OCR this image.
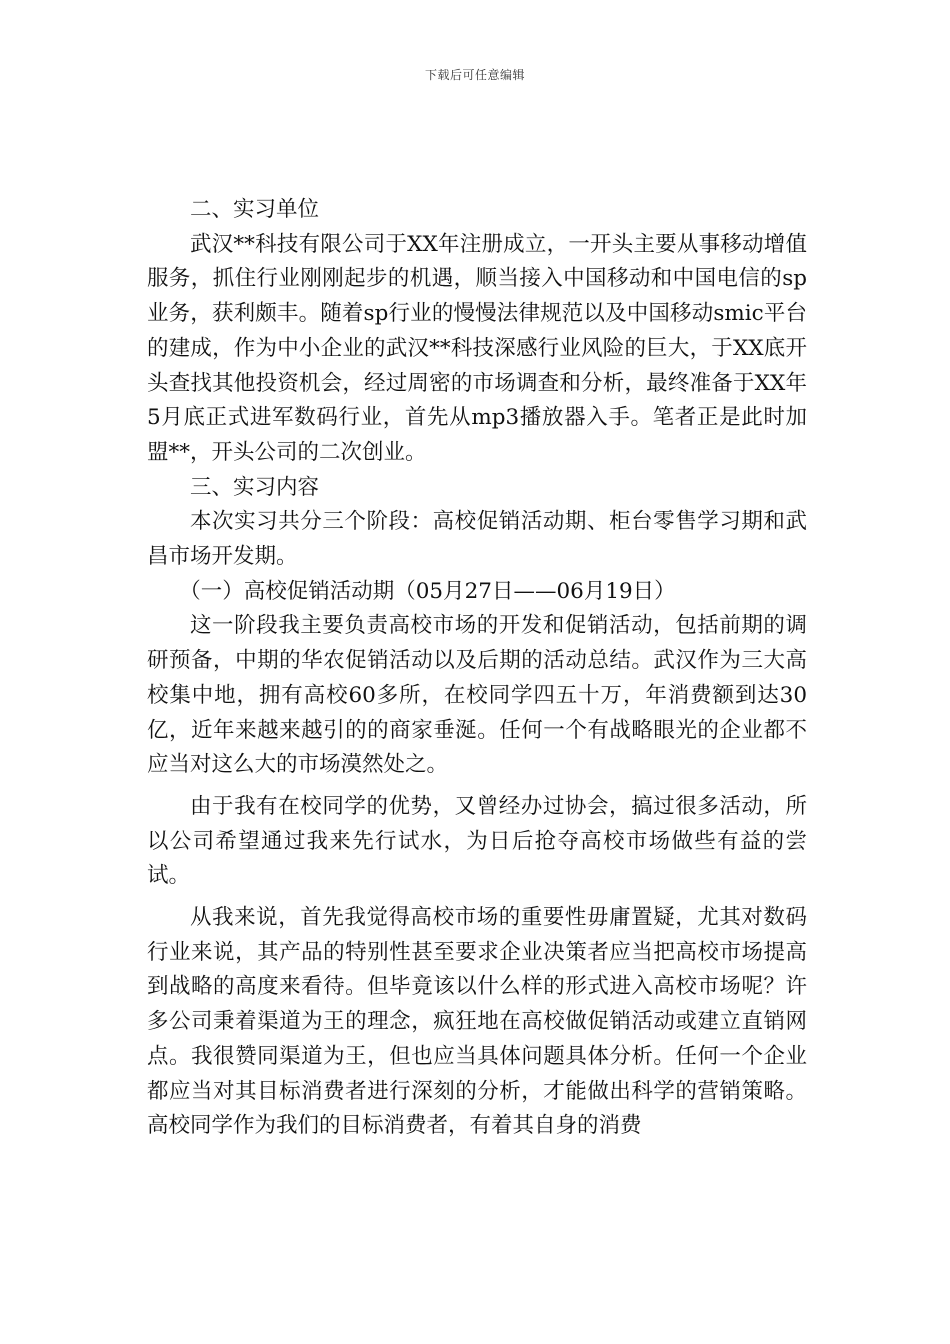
下载后可任意编辑

二、实习单位

武汉**科技有限公司于XX年注册成立，一开头主要从事移动增值服务，抓住行业刚刚起步的机遇，顺当接入中国移动和中国电信的sp业务，获利颇丰。随着sp行业的慢慢法律规范以及中国移动smic平台的建成，作为中小企业的武汉**科技深感行业风险的巨大，于XX底开头查找其他投资机会，经过周密的市场调查和分析，最终准备于XX年5月底正式进军数码行业，首先从mp3播放器入手。笔者正是此时加盟**，开头公司的二次创业。

三、实习内容

本次实习共分三个阶段：高校促销活动期、柜台零售学习期和武昌市场开发期。

（一）高校促销活动期（05月27日——06月19日）

这一阶段我主要负责高校市场的开发和促销活动，包括前期的调研预备，中期的华农促销活动以及后期的活动总结。武汉作为三大高校集中地，拥有高校60多所，在校同学四五十万，年消费额到达30亿，近年来越来越引的的商家垂涎。任何一个有战略眼光的企业都不应当对这么大的市场漠然处之。

由于我有在校同学的优势，又曾经办过协会，搞过很多活动，所以公司希望通过我来先行试水，为日后抢夺高校市场做些有益的尝试。

从我来说，首先我觉得高校市场的重要性毋庸置疑，尤其对数码行业来说，其产品的特别性甚至要求企业决策者应当把高校市场提高到战略的高度来看待。但毕竟该以什么样的形式进入高校市场呢？许多公司秉着渠道为王的理念，疯狂地在高校做促销活动或建立直销网点。我很赞同渠道为王，但也应当具体问题具体分析。任何一个企业都应当对其目标消费者进行深刻的分析，才能做出科学的营销策略。高校同学作为我们的目标消费者，有着其自身的消费
